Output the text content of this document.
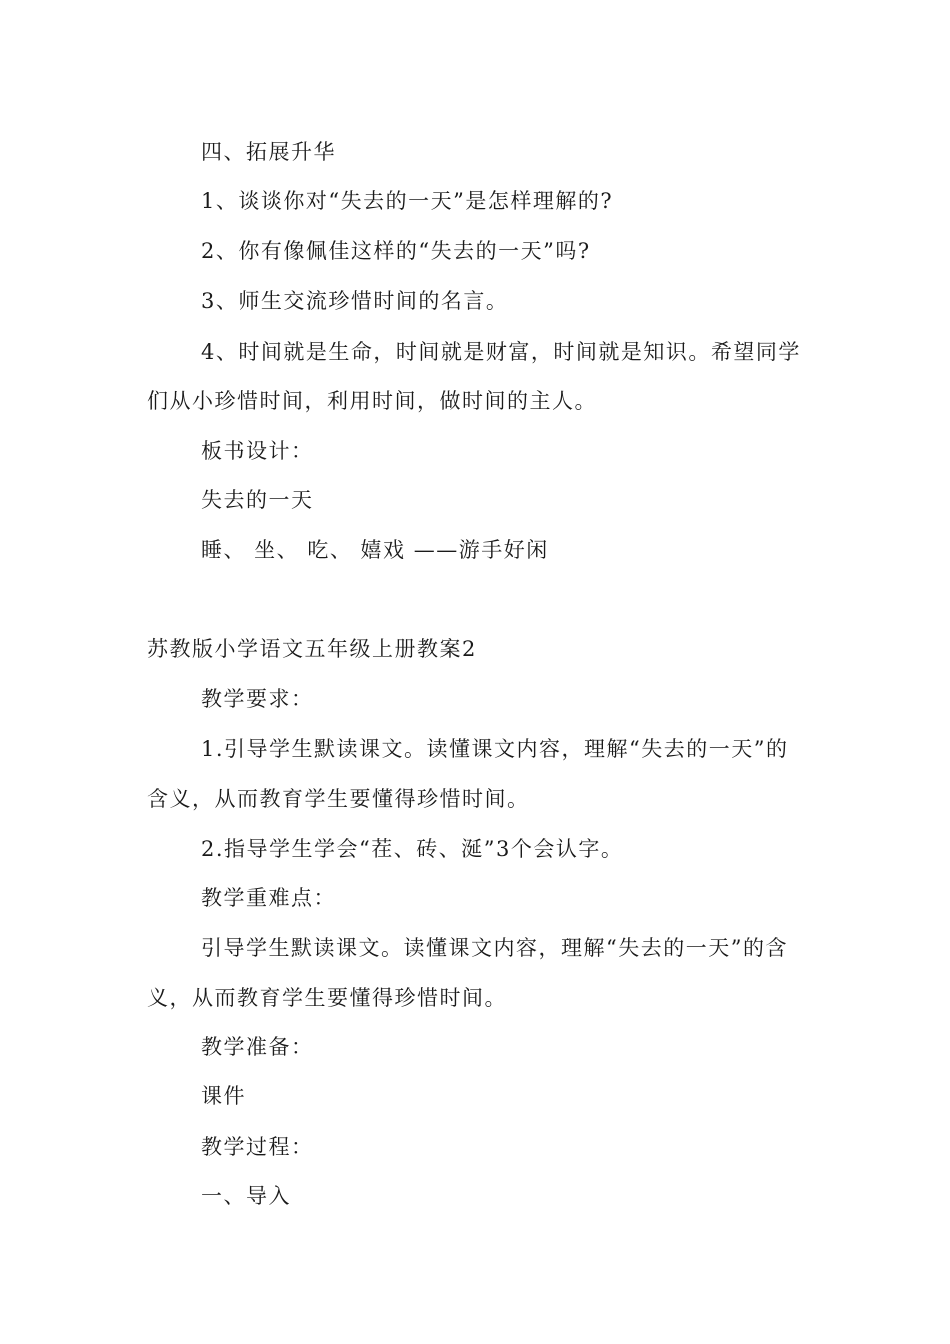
四、拓展升华
1、谈谈你对“失去的一天”是怎样理解的?
2、你有像佩佳这样的“失去的一天”吗?
3、师生交流珍惜时间的名言。
4、时间就是生命，时间就是财富，时间就是知识。希望同学
们从小珍惜时间，利用时间，做时间的主人。
板书设计：
失去的一天
睡、 坐、 吃、 嬉戏 ——游手好闲
苏教版小学语文五年级上册教案2
教学要求：
1.引导学生默读课文。读懂课文内容，理解“失去的一天”的
含义，从而教育学生要懂得珍惜时间。
2.指导学生学会“茬、砖、涎”3个会认字。
教学重难点：
引导学生默读课文。读懂课文内容，理解“失去的一天”的含
义，从而教育学生要懂得珍惜时间。
教学准备：
课件
教学过程：
一、导入
